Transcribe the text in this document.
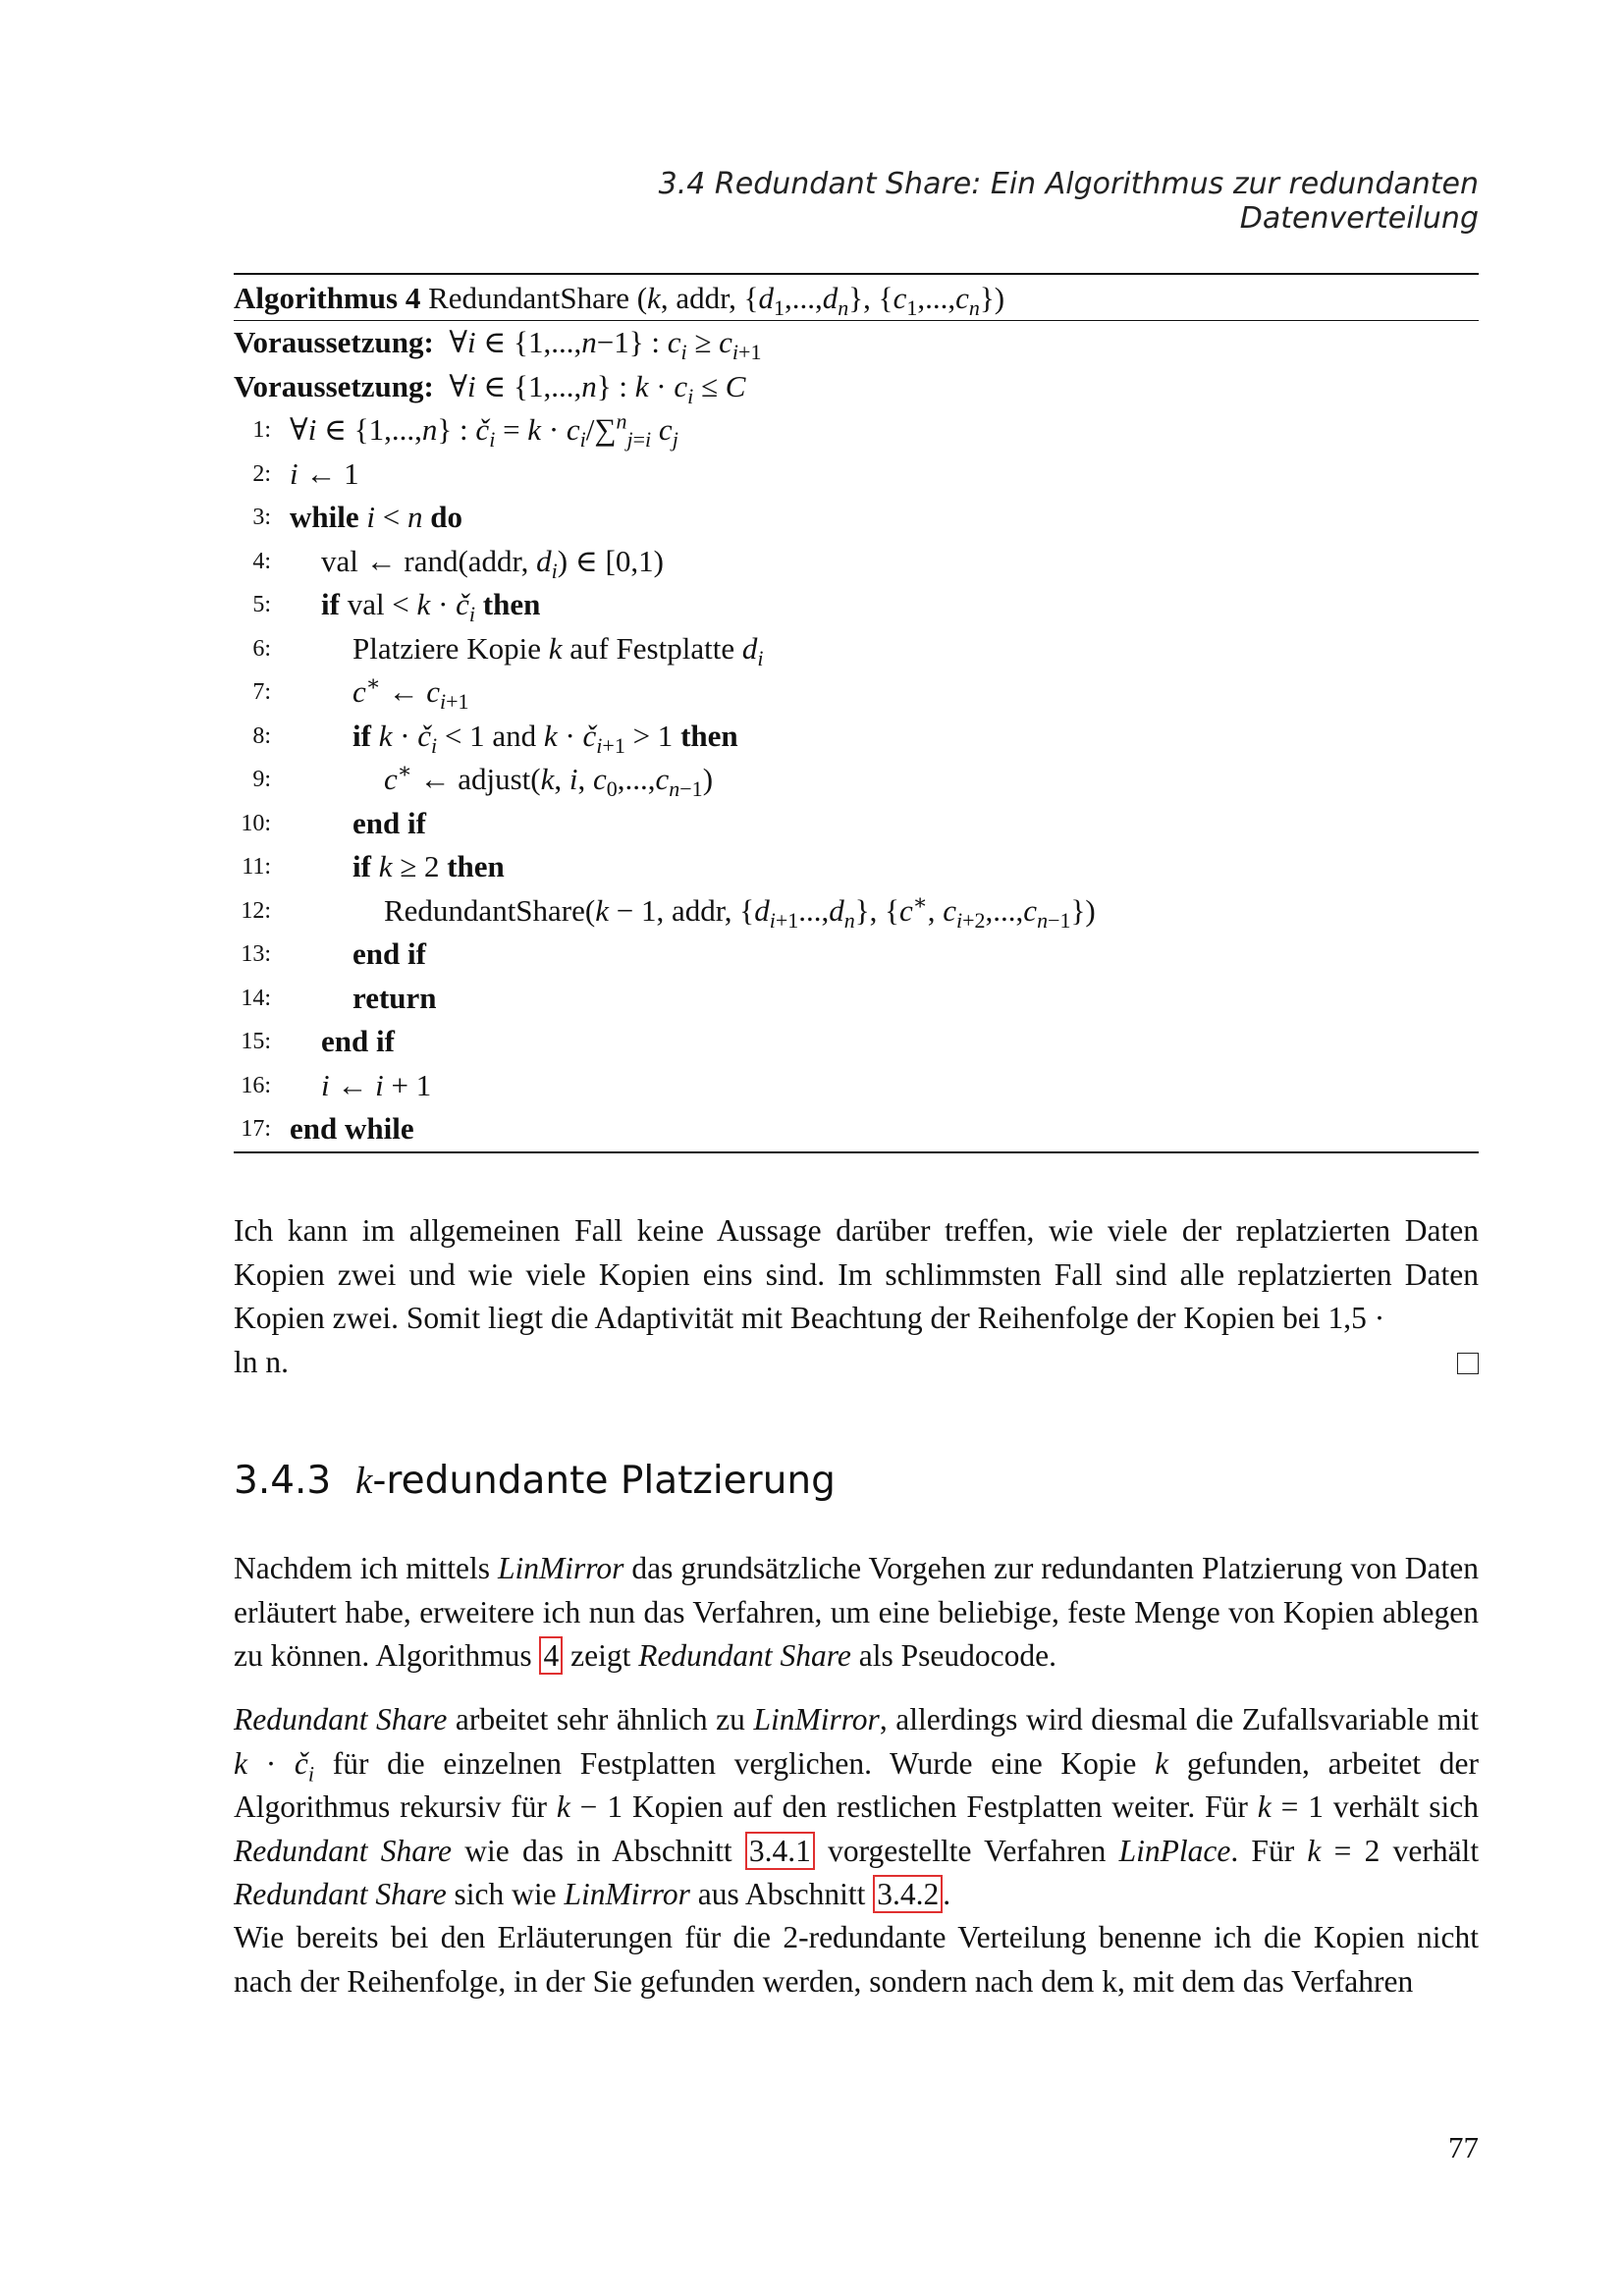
3.4 Redundant Share: Ein Algorithmus zur redundanten Datenverteilung
Algorithmus 4 RedundantShare (k, addr, $\{d_1,...,d_n\}$, $\{c_1,...,c_n\}$)
Voraussetzung:  ∀i ∈ {1,...,n−1} : $c_i \ge c_{i+1}$
Voraussetzung:  ∀i ∈ {1,...,n} : $k \cdot c_i \le C$
1: ∀i ∈ {1,...,n} : $č_i = k \cdot c_i/\sum^n_{j=i}$ $c_j$
2: i ← 1
3: while i < n do
4: val ← rand(addr, $d_i$) ∈ [0,1)
5: if val < $k \cdot č_i$ then
6:	Platziere Kopie k auf Festplatte $d_i$
7:	c∗ ← $c_{i+1}$
8:	if $k \cdot č_i < 1$ and $k \cdot č_{i+1} > 1$ then
9:	c∗ ← adjust(k, i, $c_0,...,c_{n-1}$)
10:	end if
11:	if k ≥ 2 then
12:	RedundantShare(k − 1, addr, $\{d_{i+1}...,d_n\}$, {c∗, $c_{i+2},...,c_{n-1}$})
13:	end if
14:	return
15: end if
16: i ← i + 1
17: end while
Ich kann im allgemeinen Fall keine Aussage darüber treffen, wie viele der replatzierten Daten Kopien zwei und wie viele Kopien eins sind. Im schlimmsten Fall sind alle replatzierten Daten Kopien zwei. Somit liegt die Adaptivität mit Beachtung der Reihenfolge der Kopien bei 1,5 ·
ln n.
3.4.3 k-redundante Platzierung
Nachdem ich mittels LinMirror das grundsätzliche Vorgehen zur redundanten Platzierung von Daten erläutert habe, erweitere ich nun das Verfahren, um eine beliebige, feste Menge von Kopien ablegen zu können. Algorithmus 4 zeigt Redundant Share als Pseudocode.
Redundant Share arbeitet sehr ähnlich zu LinMirror, allerdings wird diesmal die Zufallsvariable mit $k \cdot č_i$ für die einzelnen Festplatten verglichen. Wurde eine Kopie k gefunden, arbeitet der Algorithmus rekursiv für k − 1 Kopien auf den restlichen Festplatten weiter. Für k = 1 verhält sich Redundant Share wie das in Abschnitt 3.4.1 vorgestellte Verfahren LinPlace. Für k = 2 verhält Redundant Share sich wie LinMirror aus Abschnitt 3.4.2 .
Wie bereits bei den Erläuterungen für die 2-redundante Verteilung benenne ich die Kopien nicht nach der Reihenfolge, in der Sie gefunden werden, sondern nach dem k, mit dem das Verfahren
77
